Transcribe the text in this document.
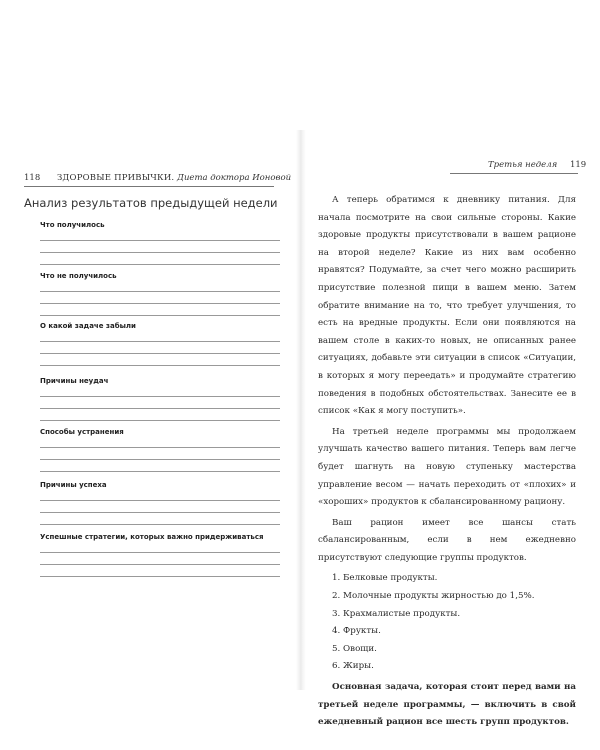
118 ЗДОРОВЫЕ ПРИВЫЧКИ. Диета доктора Ионовой
Анализ результатов предыдущей недели
Что получилось
Что не получилось
О какой задаче забыли
Причины неудач
Способы устранения
Причины успеха
Успешные стратегии, которых важно придерживаться
Третья неделя 119

А теперь обратимся к дневнику питания. Для начала посмотрите на свои сильные стороны. Какие здоровые продукты присутствовали в вашем рационе на второй неделе? Какие из них вам особенно нравятся? Подумайте, за счет чего можно расширить присутствие полезной пищи в вашем меню. Затем обратите внимание на то, что требует улучшения, то есть на вредные продукты. Если они появляются на вашем столе в каких-то новых, не описанных ранее ситуациях, добавьте эти ситуации в список «Ситуации, в которых я могу переедать» и продумайте стратегию поведения в подобных обстоятельствах. Занесите ее в список «Как я могу поступить».

На третьей неделе программы мы продолжаем улучшать качество вашего питания. Теперь вам легче будет шагнуть на новую ступеньку мастерства управление весом — начать переходить от «плохих» и «хороших» продуктов к сбалансированному рациону.

Ваш рацион имеет все шансы стать сбалансированным, если в нем ежедневно присутствуют следующие группы продуктов.

1. Белковые продукты.
2. Молочные продукты жирностью до 1,5%.
3. Крахмалистые продукты.
4. Фрукты.
5. Овощи.
6. Жиры.

Основная задача, которая стоит перед вами на третьей неделе программы, — включить в свой ежедневный рацион все шесть групп продуктов.
